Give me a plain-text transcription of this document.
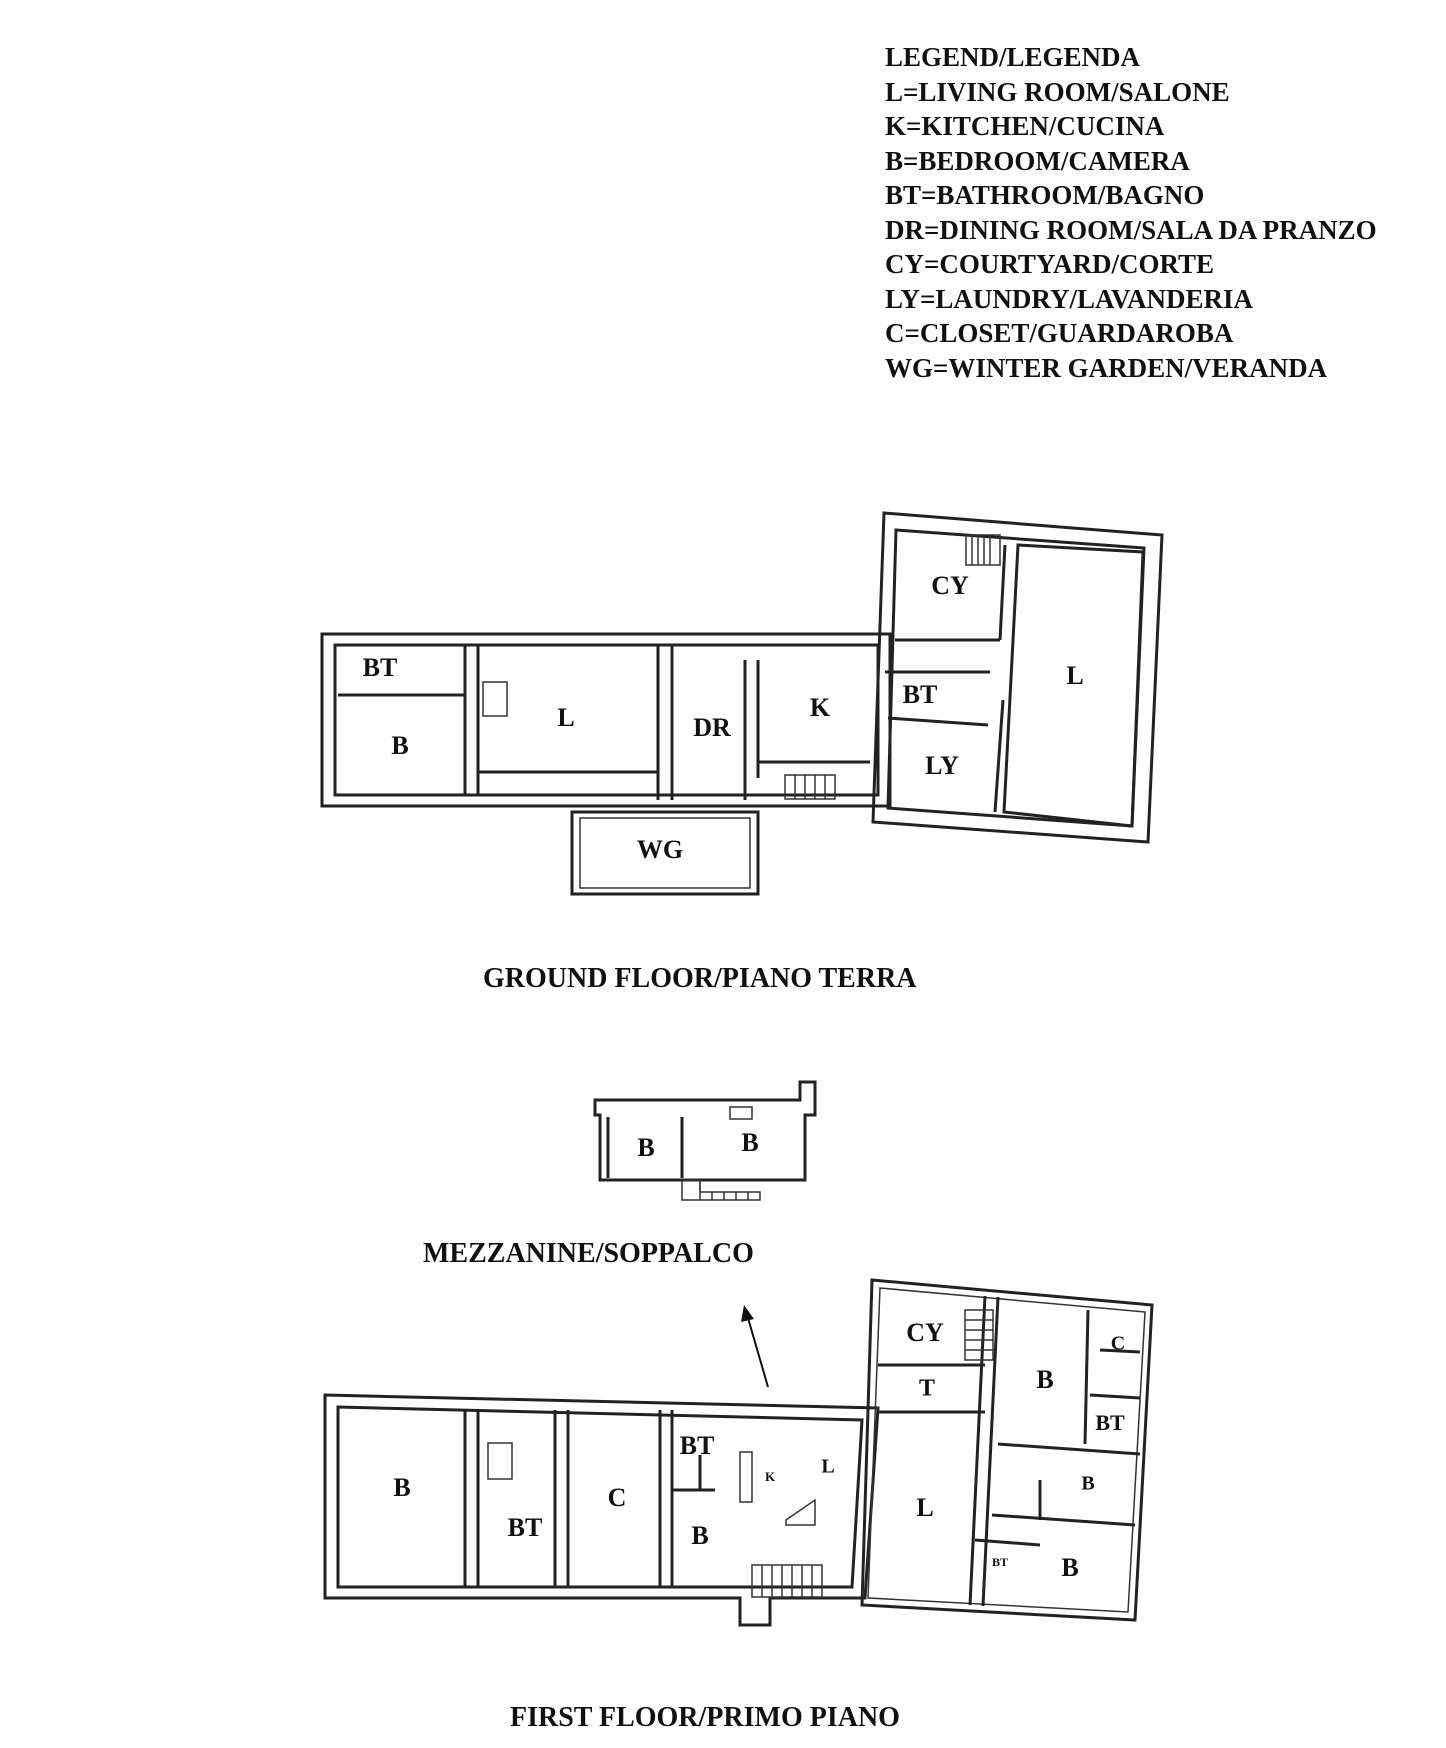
LEGEND/LEGENDA
L=LIVING ROOM/SALONE
K=KITCHEN/CUCINA
B=BEDROOM/CAMERA
BT=BATHROOM/BAGNO
DR=DINING ROOM/SALA DA PRANZO
CY=COURTYARD/CORTE
LY=LAUNDRY/LAVANDERIA
C=CLOSET/GUARDAROBA
WG=WINTER GARDEN/VERANDA
BT
B
L	DR
K	BT
LY
CY
L
WG
B	B
B
BT
C
BT
B
K L
CY
T
L
B
C
BT
B
BT B
GROUND FLOOR/PIANO TERRA
MEZZANINE/SOPPALCO
FIRST FLOOR/PRIMO PIANO
